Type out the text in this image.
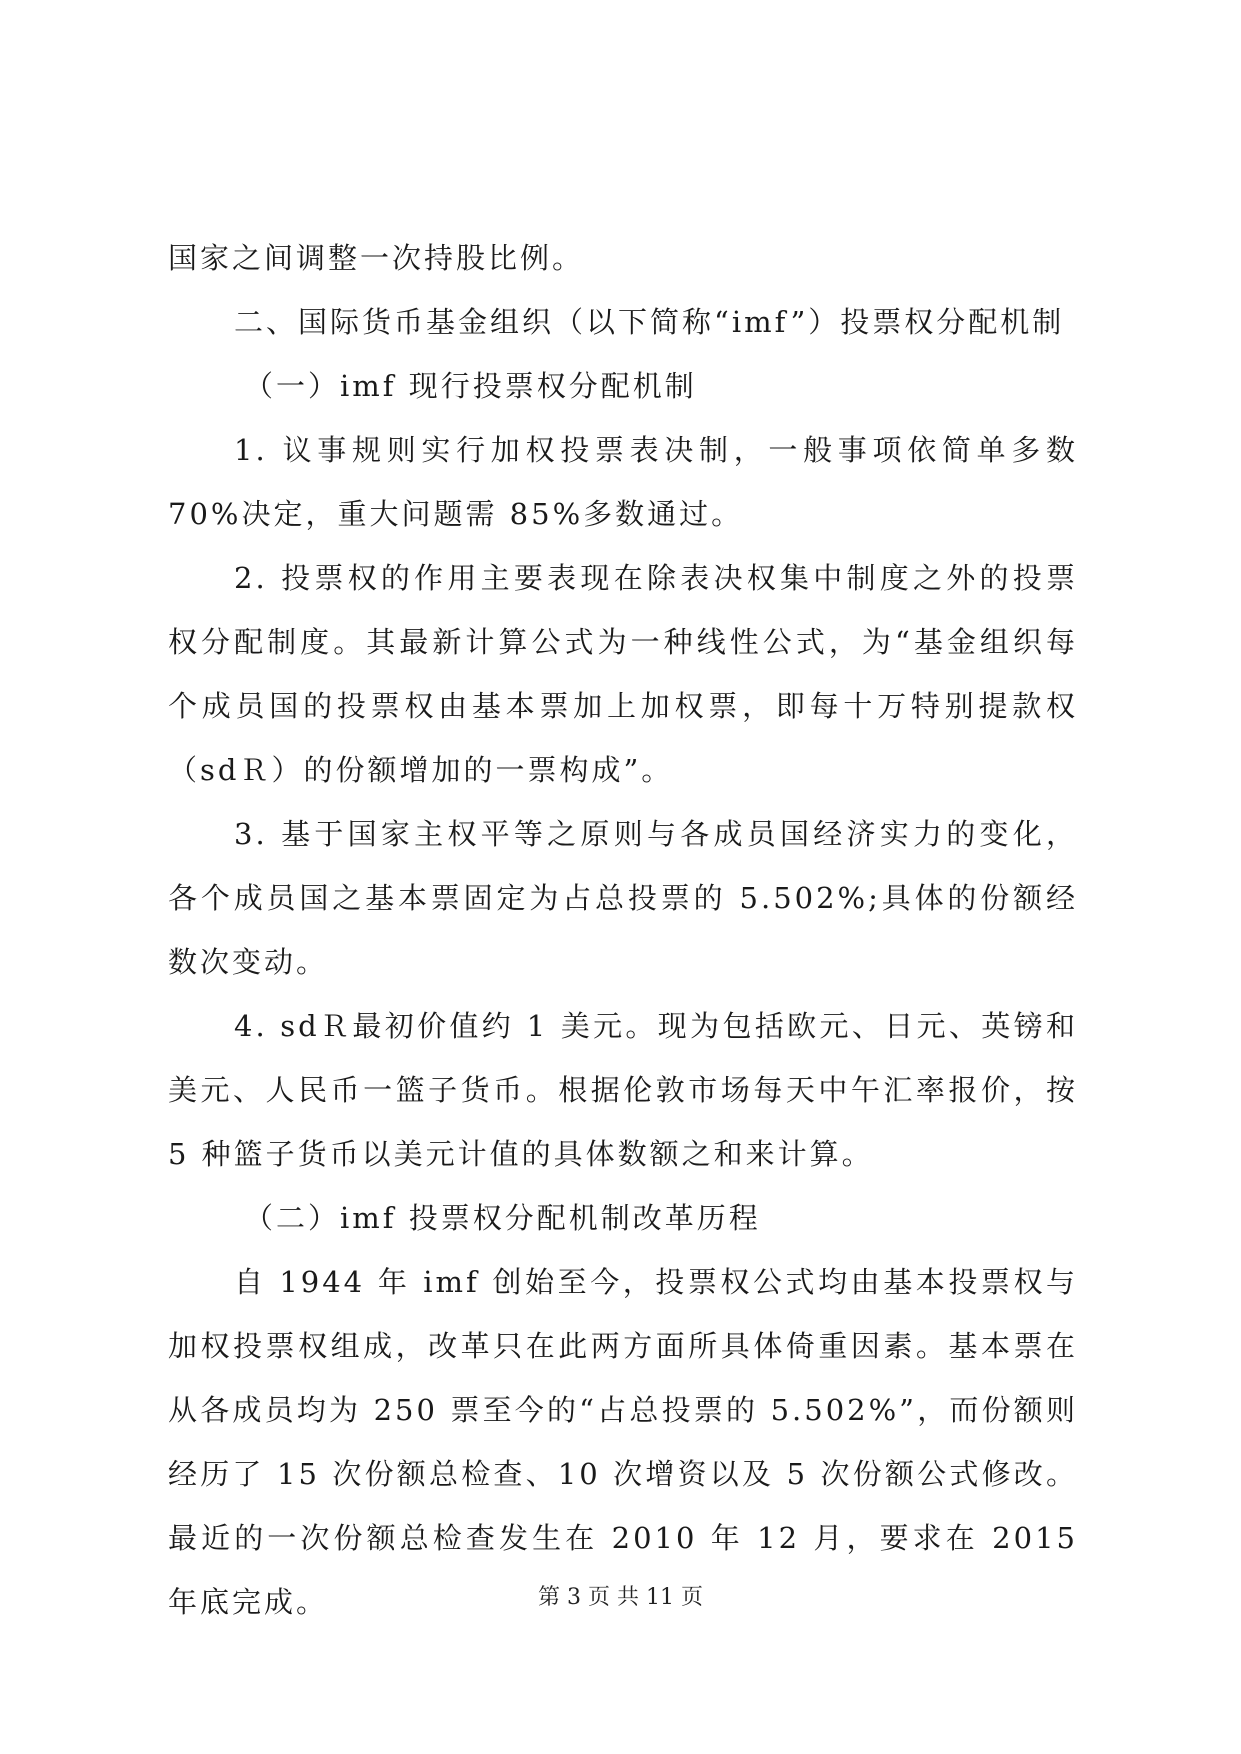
国家之间调整一次持股比例。

二、国际货币基金组织（以下简称“imf”）投票权分配机制

（一）imf 现行投票权分配机制

1. 议事规则实行加权投票表决制，一般事项依简单多数 70%决定，重大问题需 85%多数通过。

2. 投票权的作用主要表现在除表决权集中制度之外的投票权分配制度。其最新计算公式为一种线性公式，为“基金组织每个成员国的投票权由基本票加上加权票，即每十万特别提款权（sdＲ）的份额增加的一票构成”。

3. 基于国家主权平等之原则与各成员国经济实力的变化，各个成员国之基本票固定为占总投票的 5.502%;具体的份额经数次变动。

4. sdＲ最初价值约 1 美元。现为包括欧元、日元、英镑和美元、人民币一篮子货币。根据伦敦市场每天中午汇率报价，按 5 种篮子货币以美元计值的具体数额之和来计算。

（二）imf 投票权分配机制改革历程

自 1944 年 imf 创始至今，投票权公式均由基本投票权与加权投票权组成，改革只在此两方面所具体倚重因素。基本票在从各成员均为 250 票至今的“占总投票的 5.502%”，而份额则经历了 15 次份额总检查、10 次增资以及 5 次份额公式修改。最近的一次份额总检查发生在 2010 年 12 月，要求在 2015 年底完成。	第 3 页 共 11 页
